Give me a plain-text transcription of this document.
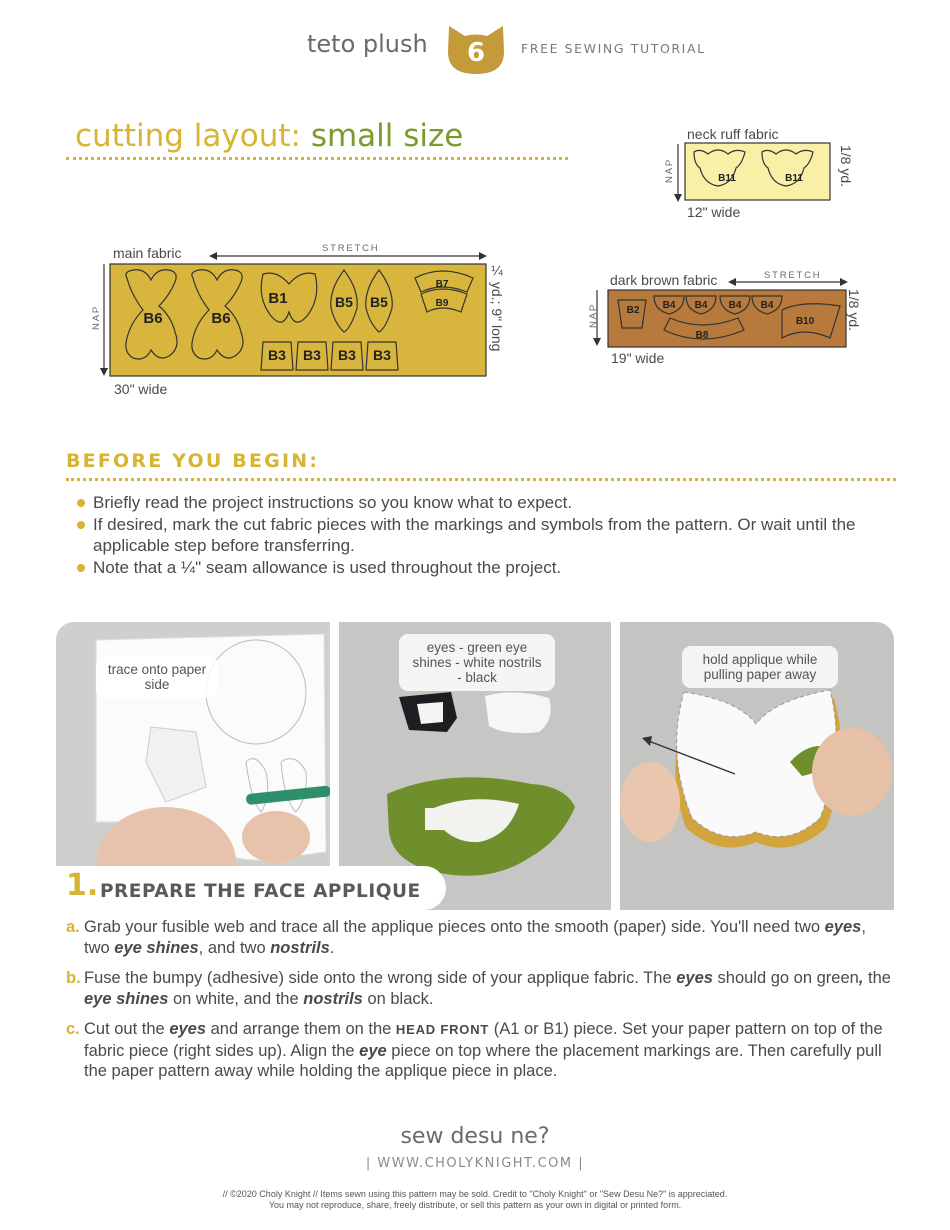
teto plush	6	FREE SEWING TUTORIAL
cutting layout: small size	neck ruff fabric
NAP	B11	B11	1/8 yd.
12" wide
main fabric	STRETCH
NAP	B6	B6
B1	B5 B5
B7
B9
B3 B3 B3 B3
¼ yd.; 9" long
30" wide
dark brown fabric	STRETCH
NAP	B2 B4 B4 B4 B4
B8
B10 1/8 yd.
19" wide
BEFORE YOU BEGIN:
Briefly read the project instructions so you know what to expect.
If desired, mark the cut fabric pieces with the markings and symbols from the pattern. Or wait until the applicable step before transferring.
Note that a ¼" seam allowance is used throughout the project.
trace onto paper side
eyes - green eye shines - white nostrils - black
hold applique while pulling paper away
1. PREPARE THE FACE APPLIQUE
a. Grab your fusible web and trace all the applique pieces onto the smooth (paper) side. You'll need two eyes, two eye shines, and two nostrils.
b. Fuse the bumpy (adhesive) side onto the wrong side of your applique fabric. The eyes should go on green, the eye shines on white, and the nostrils on black.
c. Cut out the eyes and arrange them on the HEAD FRONT (A1 or B1) piece. Set your paper pattern on top of the fabric piece (right sides up). Align the eye piece on top where the placement markings are. Then carefully pull the paper pattern away while holding the applique piece in place.
sew desu ne?
| WWW.CHOLYKNIGHT.COM |
// ©2020 Choly Knight // Items sewn using this pattern may be sold. Credit to "Choly Knight" or "Sew Desu Ne?" is appreciated.
You may not reproduce, share, freely distribute, or sell this pattern as your own in digital or printed form.
